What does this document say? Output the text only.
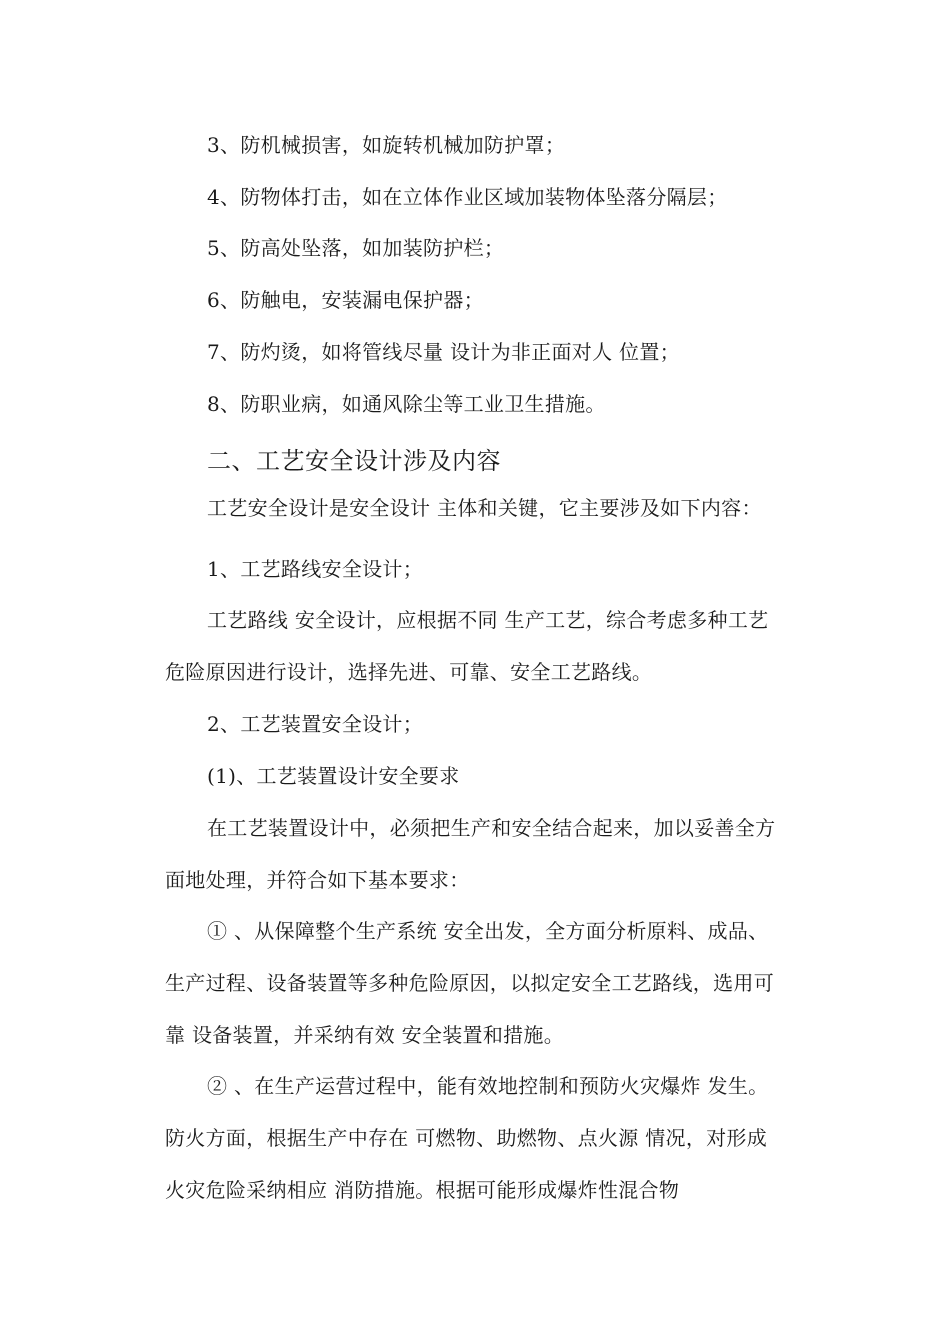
3、防机械损害，如旋转机械加防护罩；
4、防物体打击，如在立体作业区域加装物体坠落分隔层；
5、防高处坠落，如加装防护栏；
6、防触电，安装漏电保护器；
7、防灼烫，如将管线尽量 设计为非正面对人 位置；
8、防职业病，如通风除尘等工业卫生措施。
二、工艺安全设计涉及内容
工艺安全设计是安全设计 主体和关键，它主要涉及如下内容：
1、工艺路线安全设计；
工艺路线 安全设计，应根据不同 生产工艺，综合考虑多种工艺
危险原因进行设计，选择先进、可靠、安全工艺路线。
2、工艺装置安全设计；
(1)、工艺装置设计安全要求
在工艺装置设计中，必须把生产和安全结合起来，加以妥善全方
面地处理，并符合如下基本要求：
① 、从保障整个生产系统 安全出发，全方面分析原料、成品、
生产过程、设备装置等多种危险原因，以拟定安全工艺路线，选用可
靠 设备装置，并采纳有效 安全装置和措施。
② 、在生产运营过程中，能有效地控制和预防火灾爆炸 发生。
防火方面，根据生产中存在 可燃物、助燃物、点火源 情况，对形成
火灾危险采纳相应 消防措施。根据可能形成爆炸性混合物
